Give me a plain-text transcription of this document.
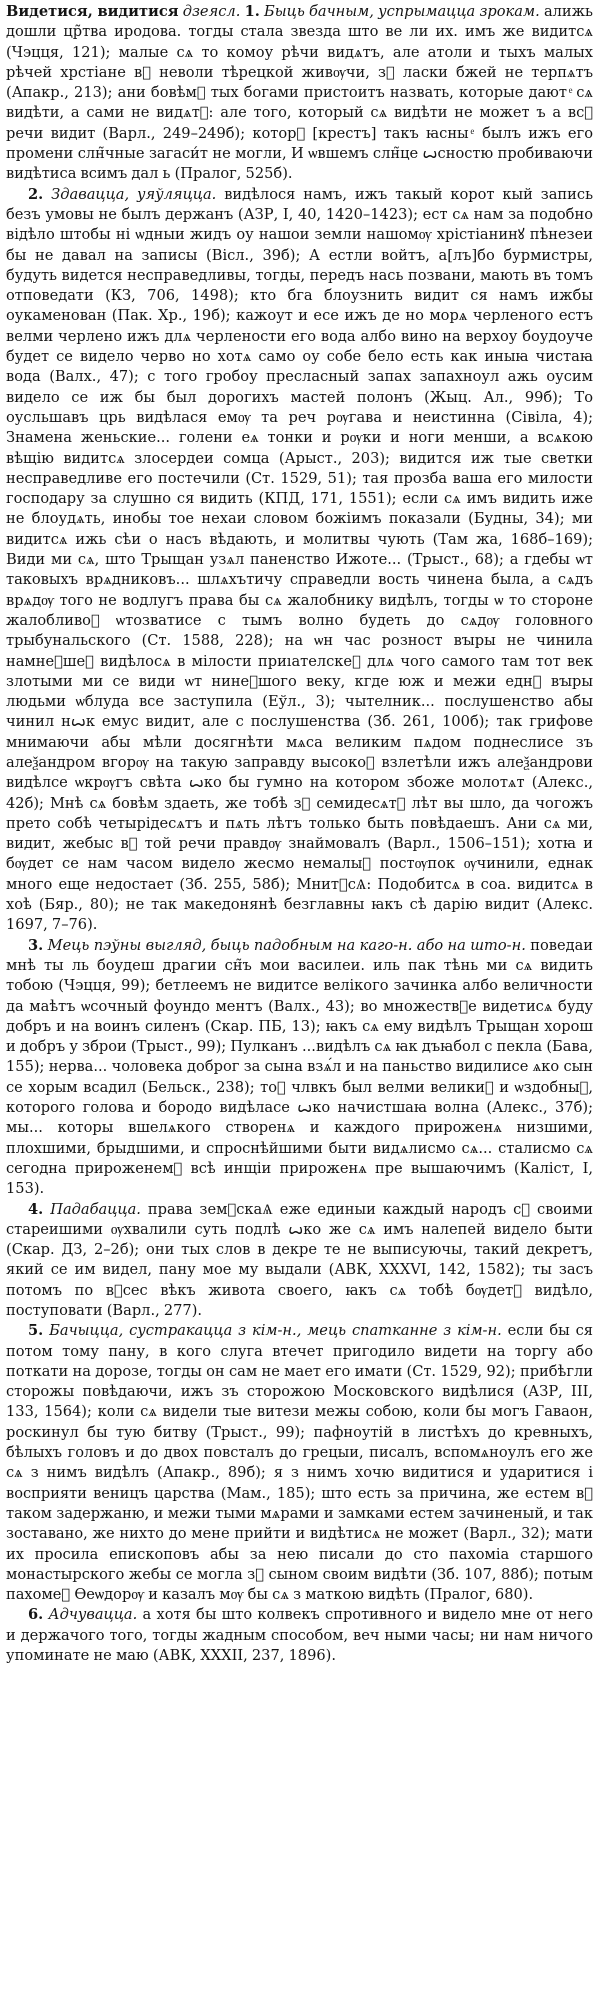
Видетися, видитися дзеясл. 1. Быць бачным, успрымацца зрокам. алижь дошли цр̃тва иродова. тогды стала звезда што ве ли их. имъ же видитсѧ (Чэцця, 121); малые сѧ то комоу рѣчи видѧтъ, але атоли и тыхъ малых рѣчей хрстiане вⷪ неволи тѣрецкой живѹчи, зⷭ ласки бжей не терпѧтъ (Апакр., 213); ани бовѣмⷭ тых богами пристоитъ назвать, которые дают ͤ сѧ видѣти, а сами не видѧтⷭ: але того, который сѧ видѣти не может ъ а всⷭ речи видит (Варл., 249–249б); которⷪ [крестъ] такъ ꙗсны ͤ былъ ижъ его промени слн̃чные загаси́т не могли, И ѡвшемъ слн̃це ꙍсностю пробиваючи видѣтиса всимъ дал ь (Пралог, 525б).

2. Здавацца, уяўляцца. видѣлося намъ, ижъ такый корот кый запись безъ умовы не былъ держанъ (АЗР, I, 40, 1420–1423); ест сѧ нам за подобно вiдѣло штобы нi ѡдныи жидъ оу нашои земли нашомѹ хрiстiанинꙋ пѣнезеи бы не давал на записы (Вісл., 39б); А естли войтъ, а[лъ]бо бурмистры, будуть видется несправедливы, тогды, передъ нась позвани, мають въ томъ отповедати (КЗ, 706, 1498); кто бга блоузнить видит ся намъ ижбы оукаменован (Пак. Хр., 19б); кажоут и есе ижъ де но морѧ черленого естъ велми черлено ижъ длѧ черлености его вода албо вино на верхоу боудоуче будет се видело черво но хотѧ само оу собе бело есть как иныꙗ чистаꙗ вода (Валх., 47); с того гробоу пресласный запах запахноул ажь оусим видело се иж бы был дорогихъ мастей полонъ (Жыц. Ал., 99б); То оусльшавъ црь видѣлася емѹ та реч рѹгава и неистинна (Сівіла, 4); Знамена женьские... голени еѧ тонки и рѹки и ноги менши, а всѧкою вѣщiю видитсѧ злосердеи сомца (Арыст., 203); видится иж тые светки несправедливе его постечили (Ст. 1529, 51); тая прозба ваша его милости господару за слушно ся видить (КПД, 171, 1551); если сѧ имъ видить иже не блоудѧть, инобы тое нехаи словом божiимъ показали (Будны, 34); ми видитсѧ ижь сѣи о насъ вѣдають, и молитвы чують (Там жа, 168б–169); Види ми сѧ, што Трыщан узѧл паненство Ижоте... (Трыст., 68); а гдебы ѡт таковыхъ врѧдниковъ... шлѧхътичу справедли вость чинена была, а сѧдъ врѧдѹ того не водлугъ права бы сѧ жалобнику видѣлъ, тогды ѡ то стороне жалобливоⷭ ѡтозватисе с тымъ волно будеть до сѧдѹ головного трыбунальского (Ст. 1588, 228); на ѡн час розност вꙑры не чинила намнеⷭшеⷭ видѣлосѧ в мiлости приıателскеⷭ длѧ чого самого там тот век злотыми ми се види ѡт нинеⷭшого веку, кгде юж и межи еднꙋ вꙑры людьми ѡблуда все заступила (Еўл., 3); чытелник... послушенство абы чинил нꙍк емус видит, але с послушенства (Зб. 261, 100б); так грифове мнимаючи абы мѣли досягнѣти мѧса великим пѧдом поднеслисе зъ алеѯандром вгорѹ на такую заправду высокоⷭ взлетѣли ижъ алеѯандрови видѣлсе ѡкрѹгъ свѣта ꙍко бы гумно на котором збоже молотѧт (Алекс., 42б); Мнѣ сѧ бовѣм здаеть, же тобѣ зⷪ семидесѧтⷭ лѣт вы шло, да чогожъ прето собѣ четырiдесѧтъ и пѧть лѣтъ только быть повѣдаешъ. Ани сѧ ми, видит, жебыс вⷪ той речи правдѹ знаймовалъ (Варл., 1506–151); хотꙗ и бѹдет се нам часом видело жесмо немалыⷭ постѹпок ѹчинили, еднак много еще недостает (Зб. 255, 58б); МнитⷭсѦ: Подобитсѧ в соа. видитсѧ в хоѣ (Бяр., 80); не так македонянѣ безглавны ꙗкъ сѣ дарію видит (Алекс. 1697, 7–76).

3. Мець пэўны выгляд, быць падобным на каго-н. або на што-н. поведаи мнѣ ты ль боудеш драгии сн̃ъ мои василеи. иль пак тѣнь ми сѧ видить тобою (Чэцця, 99); бетлеемъ не видитсе велiкого зачинка албо величности да маѣтъ ѡсочный фоундо ментъ (Валх., 43); во множествⷭе видетисѧ буду добръ и на воинъ силенъ (Скар. ПБ, 13); ꙗкъ сѧ ему видѣлъ Трыщан хорош и добръ у зброи (Трыст., 99); Пулканъ ...видѣлъ сѧ ꙗк дъꙗбол с пекла (Бава, 155); нерва... чоловека доброг за сына взѧ́л и на паньство видилисе ѧко сын се хорым всадил (Бельск., 238); тоⷭ члвкъ был велми великиⷭ и ѡздобныⷭ, которого голова и бородо видѣласе ꙍко начистшаꙗ волна (Алекс., 37б); мы... которы вшелѧкого створенѧ и каждого прироженѧ низшими, плохшими, брыдшими, и спроснѣйшими быти видѧлисмо сѧ... сталисмо сѧ сегодна прироженемⷭ всѣ инщiи прироженѧ пре вышаючимъ (Каліст, I, 153).

4. Падабацца. права земⷭскаѦ еже единыи каждый народъ сⷪ своими стареишими ѹхвалили суть подлѣ ꙍко же сѧ имъ налепей видело быти (Скар. ДЗ, 2–2б); они тых слов в декре те не выписуючы, такий декретъ, який се им видел, пану мое му выдали (АВК, XXXVI, 142, 1582); ты засъ потомъ по вⷪсес вѣкъ живота своего, ꙗкъ сѧ тобѣ бѹдетⷭ видѣло, поступовати (Варл., 277).

5. Бачыцца, сустракацца з кім-н., мець спатканне з кім-н. если бы ся потом тому пану, в кого слуга втечет пригодило видети на торгу або поткати на дорозе, тогды он сам не мает его имати (Ст. 1529, 92); прибѣгли сторожы повѣдаючи, ижъ зъ сторожою Московского видѣлися (АЗР, III, 133, 1564); коли сѧ видели тые витези межы собою, коли бы могъ Гаваон, роскинул бы тую битву (Трыст., 99); пафноутiй в листѣхъ до кревныхъ, бѣлыхъ головъ и до двох повсталъ до грецыи, писалъ, вспомѧноулъ его же сѧ з нимъ видѣлъ (Апакр., 89б); я з нимъ хочю видитися и ударитися i восприяти веницъ царства (Мам., 185); што есть за причина, же естем вⷪ таком задержаню, и межи тыми мѧрами и замками естем зачиненый, и так зоставано, же нихто до мене прийти и видѣтисѧ не может (Варл., 32); мати их просила епископовъ абы за нею писали до сто пахомiа старшого монастырского жебы се могла зⷭ сыном своим видѣти (Зб. 107, 88б); потым пахомеⷭ Ѳеѡдорѹ и казалъ мѹ бы сѧ з маткою видѣть (Пралог, 680).

6. Адчувацца. а хотя бы што колвекъ спротивного и видело мне от него и держачого того, тогды жадным способом, веч ными часы; ни нам ничого упоминате не маю (АВК, XXXII, 237, 1896).
